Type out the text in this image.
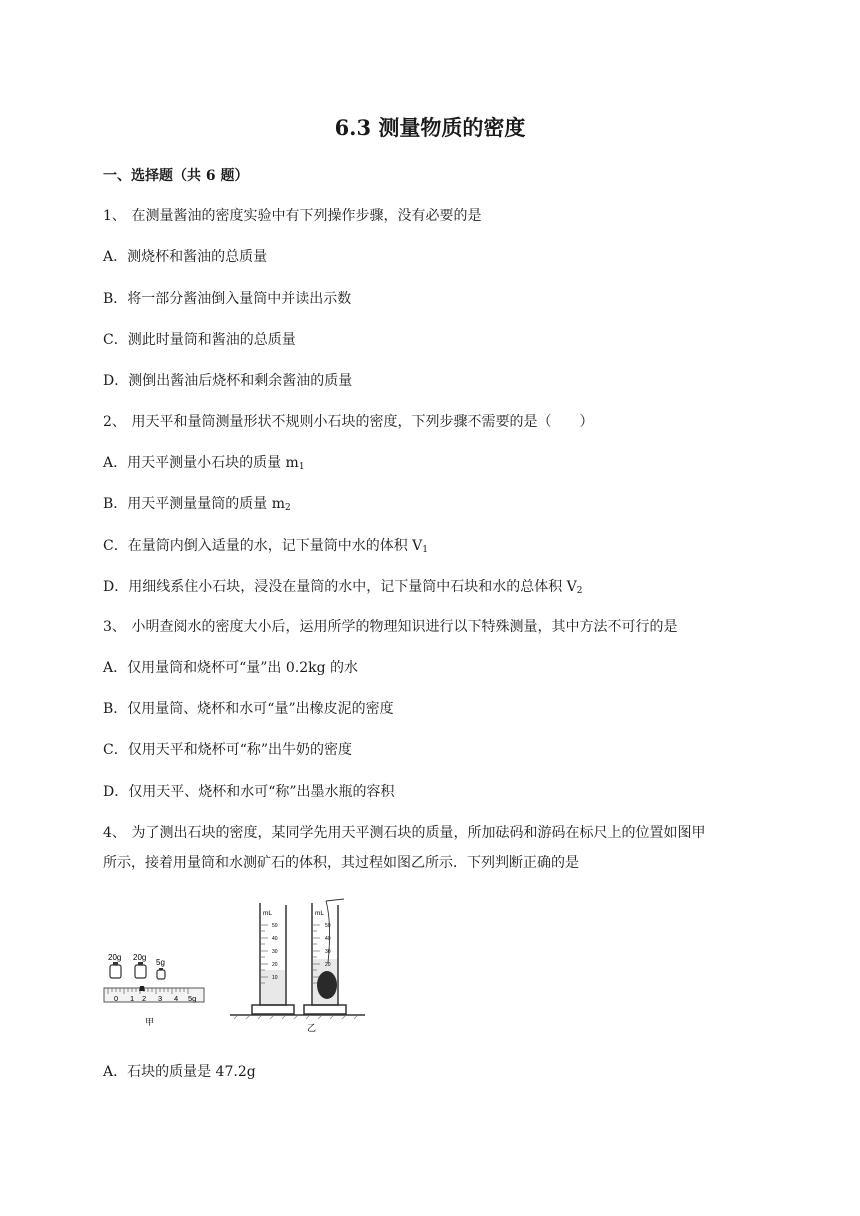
6.3 测量物质的密度
一、选择题（共 6 题）
1、 在测量酱油的密度实验中有下列操作步骤，没有必要的是
A．测烧杯和酱油的总质量
B．将一部分酱油倒入量筒中并读出示数
C．测此时量筒和酱油的总质量
D．测倒出酱油后烧杯和剩余酱油的质量
2、 用天平和量筒测量形状不规则小石块的密度，下列步骤不需要的是（　　）
A．用天平测量小石块的质量 $m_1$
B．用天平测量量筒的质量 $m_2$
C．在量筒内倒入适量的水，记下量筒中水的体积 $V_1$
D．用细线系住小石块，浸没在量筒的水中，记下量筒中石块和水的总体积 $V_2$
3、 小明查阅水的密度大小后，运用所学的物理知识进行以下特殊测量，其中方法不可行的是
A．仅用量筒和烧杯可“量”出 0.2kg 的水
B．仅用量筒、烧杯和水可“量”出橡皮泥的密度
C．仅用天平和烧杯可“称”出牛奶的密度
D．仅用天平、烧杯和水可“称”出墨水瓶的容积
4、 为了测出石块的密度，某同学先用天平测石块的质量，所加砝码和游码在标尺上的位置如图甲
所示，接着用量筒和水测矿石的体积，其过程如图乙所示．下列判断正确的是
20g 20g
5g
0 1 2 3 4 5g
甲
mL
50
40
30
20
10
mL
50
40
30
20
乙
A．石块的质量是 47.2g
